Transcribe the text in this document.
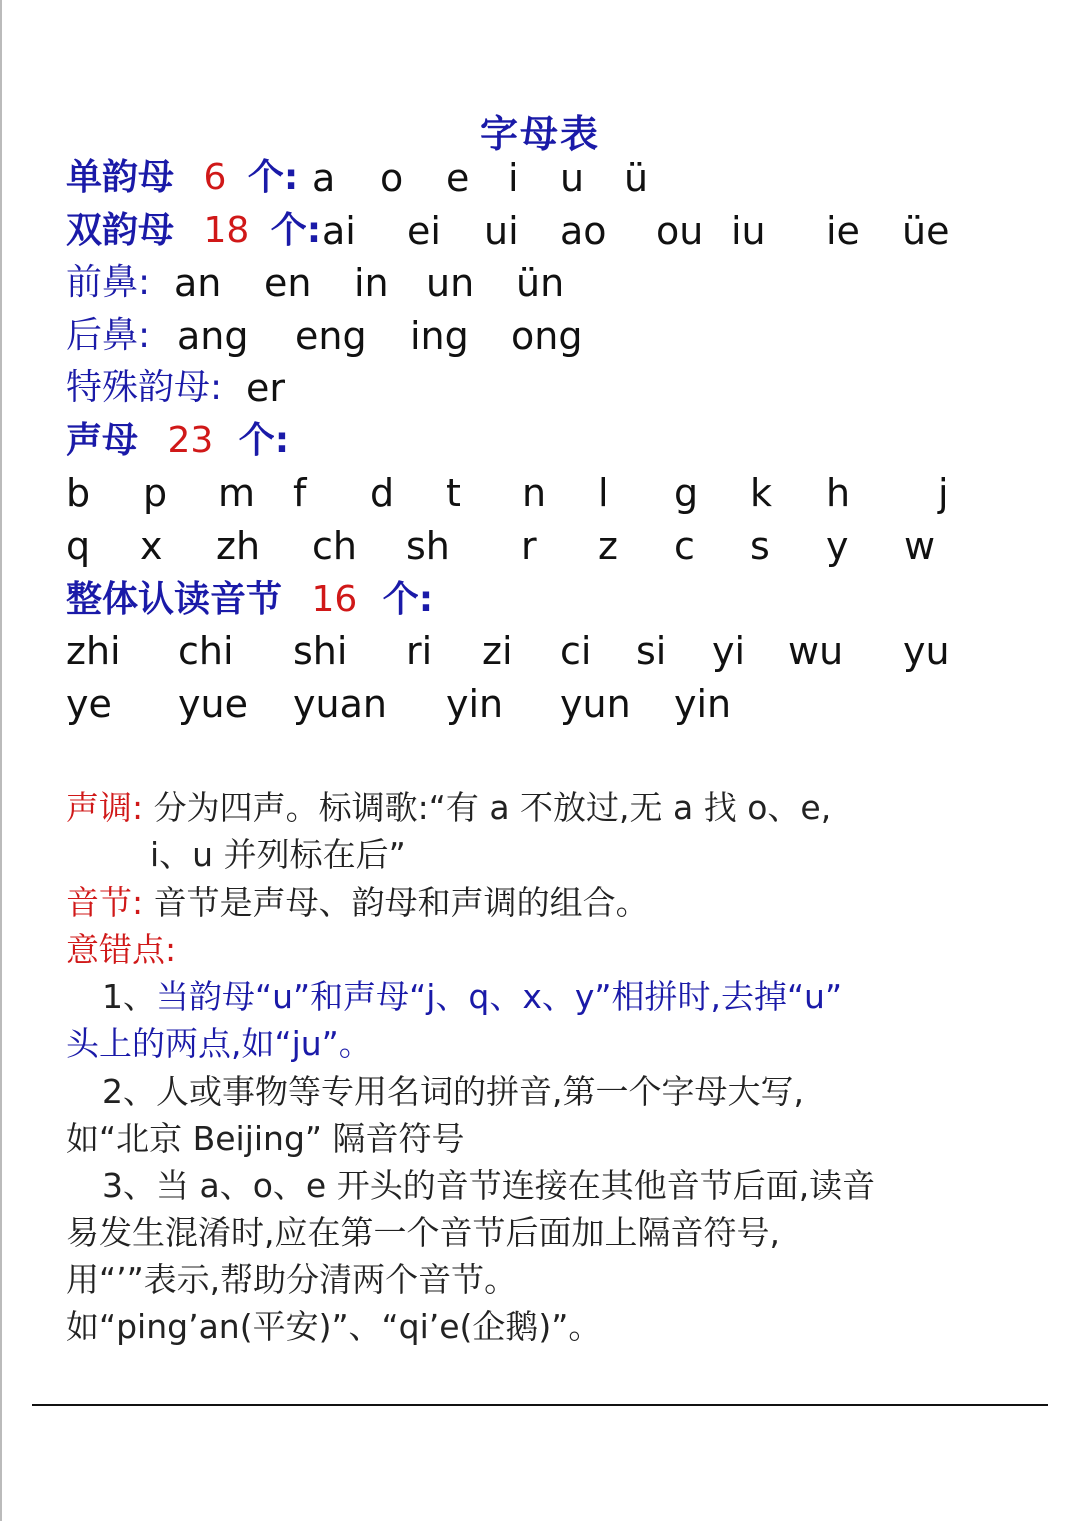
字母表
单韵母 6 个: a o e i u ü
双韵母 18 个: ai ei ui ao ou iu ie üe
前鼻: an en in un ün
后鼻: ang eng ing ong
特殊韵母: er
声母 23 个:
b p m f d t n l g k h j
q x zh ch sh r z c s y w
整体认读音节 16 个:
zhi chi shi ri zi ci si yi wu yu
ye yue yuan yin yun yin
声调: 分为四声。标调歌:“有 a 不放过,无 a 找 o、e,
i、u 并列标在后”
音节: 音节是声母、韵母和声调的组合。
意错点:
1、当韵母“u”和声母“j、q、x、y”相拼时,去掉“u”
头上的两点,如“ju”。
2、人或事物等专用名词的拼音,第一个字母大写,
如“北京 Beijing” 隔音符号
3、当 a、o、e 开头的音节连接在其他音节后面,读音
易发生混淆时,应在第一个音节后面加上隔音符号,
用“’”表示,帮助分清两个音节。
如“ping’an(平安)”、“qi’e(企鹅)”。
